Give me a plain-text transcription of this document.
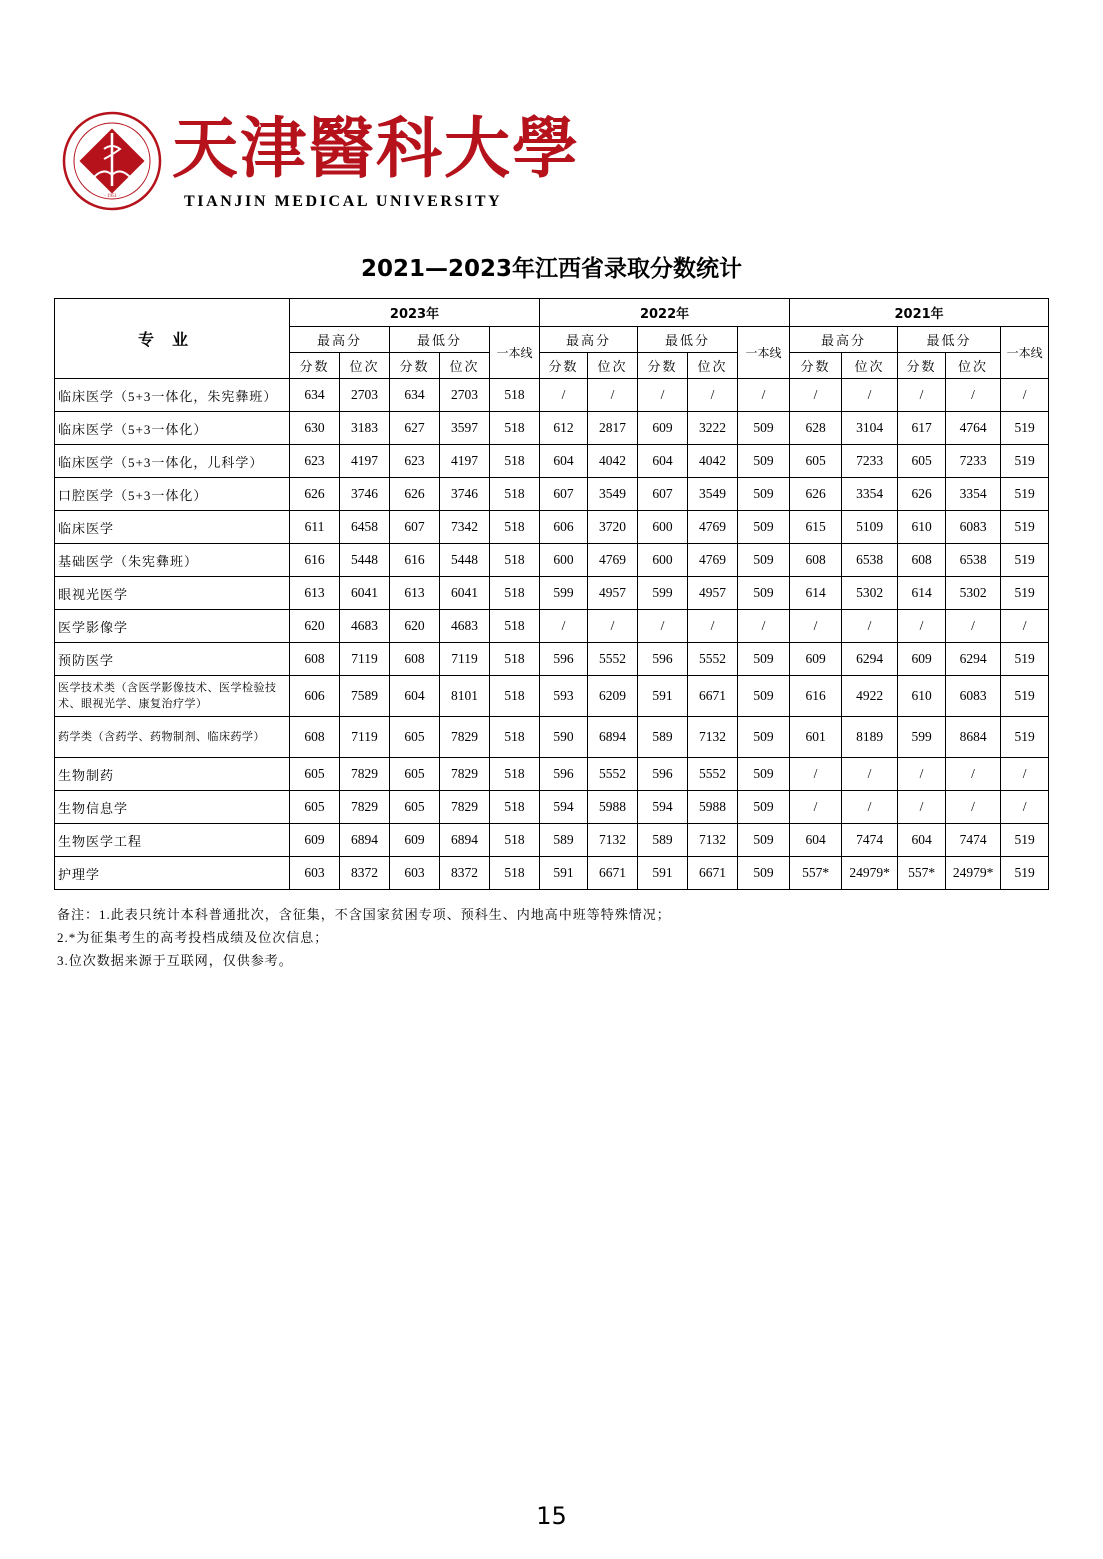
· 1951 ·
天津醫科大學
TIANJIN MEDICAL UNIVERSITY
2021—2023年江西省录取分数统计
专业	2023年					2022年					2021年				
	最高分		最低分		一本线	最高分		最低分		一本线	最高分		最低分		一本线
	分数	位次	分数	位次		分数	位次	分数	位次		分数	位次	分数	位次	
临床医学（5+3一体化，朱宪彝班）	634	2703	634	2703	518	/	/	/	/	/	/	/	/	/	/
临床医学（5+3一体化）	630	3183	627	3597	518	612	2817	609	3222	509	628	3104	617	4764	519
临床医学（5+3一体化，儿科学）	623	4197	623	4197	518	604	4042	604	4042	509	605	7233	605	7233	519
口腔医学（5+3一体化）	626	3746	626	3746	518	607	3549	607	3549	509	626	3354	626	3354	519
临床医学	611	6458	607	7342	518	606	3720	600	4769	509	615	5109	610	6083	519
基础医学（朱宪彝班）	616	5448	616	5448	518	600	4769	600	4769	509	608	6538	608	6538	519
眼视光医学	613	6041	613	6041	518	599	4957	599	4957	509	614	5302	614	5302	519
医学影像学	620	4683	620	4683	518	/	/	/	/	/	/	/	/	/	/
预防医学	608	7119	608	7119	518	596	5552	596	5552	509	609	6294	609	6294	519
医学技术类（含医学影像技术、医学检验技术、眼视光学、康复治疗学）	606	7589	604	8101	518	593	6209	591	6671	509	616	4922	610	6083	519
药学类（含药学、药物制剂、临床药学）	608	7119	605	7829	518	590	6894	589	7132	509	601	8189	599	8684	519
生物制药	605	7829	605	7829	518	596	5552	596	5552	509	/	/	/	/	/
生物信息学	605	7829	605	7829	518	594	5988	594	5988	509	/	/	/	/	/
生物医学工程	609	6894	609	6894	518	589	7132	589	7132	509	604	7474	604	7474	519
护理学	603	8372	603	8372	518	591	6671	591	6671	509	557*	24979*	557*	24979*	519
备注：1.此表只统计本科普通批次，含征集，不含国家贫困专项、预科生、内地高中班等特殊情况；
2.*为征集考生的高考投档成绩及位次信息；
3.位次数据来源于互联网，仅供参考。
15
